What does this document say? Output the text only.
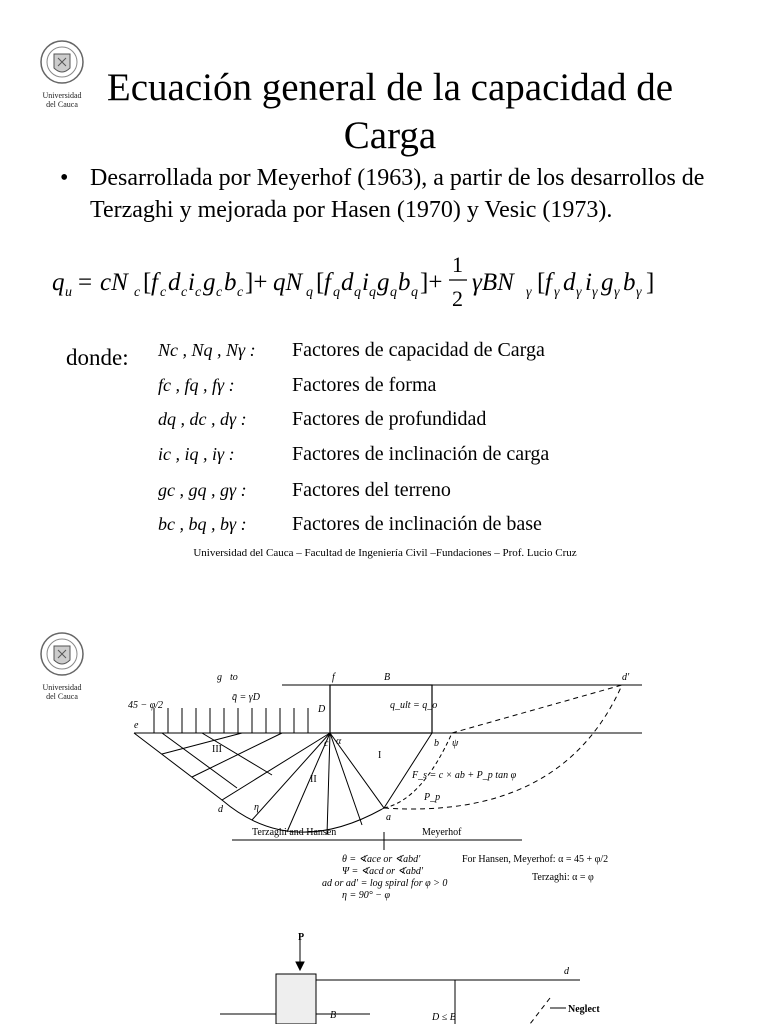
Universidad
del Cauca Ecuación general de la capacidad de Carga
• Desarrollada por Meyerhof (1963), a partir de los desarrollos de Terzaghi y mejorada por Hasen (1970) y Vesic (1973).
q u = cN c [ f c d c i c g c b c ]+ qN q [ f q d q i q g q b q ]+
1
2
γBN γ [ f γ d γ i γ g γ b γ ]
donde: Nc , Nq , Nγ : Factores de capacidad de Carga
fc , fq , fγ :	Factores de forma
dq , dc , dγ : Factores de profundidad
ic , iq , iγ :	Factores de inclinación de carga
gc , gq , gγ : Factores del terreno
bc , bq , bγ : Factores de inclinación de base
Universidad del Cauca – Facultad de Ingeniería Civil –Fundaciones – Prof. Lucio Cruz
Universidad
del Cauca
45 − φ/2
q̄ = γD
B
D	q_ult = q_o
to
III
II
I
F_s = c × ab + P_p tan φ
P_p
Terzaghi and Hansen	Meyerhof
θ = ∢ace or ∢abd′
Ψ = ∢acd or ∢abd′
ad or ad′ = log spiral for φ > 0
η = 90° − φ
For Hansen, Meyerhof: α = 45 + φ/2
Terzaghi: α = φ
e
f
g
d
d′
a
b
c α
η
ψ
P
B	D ≤ B
Neglect
d
